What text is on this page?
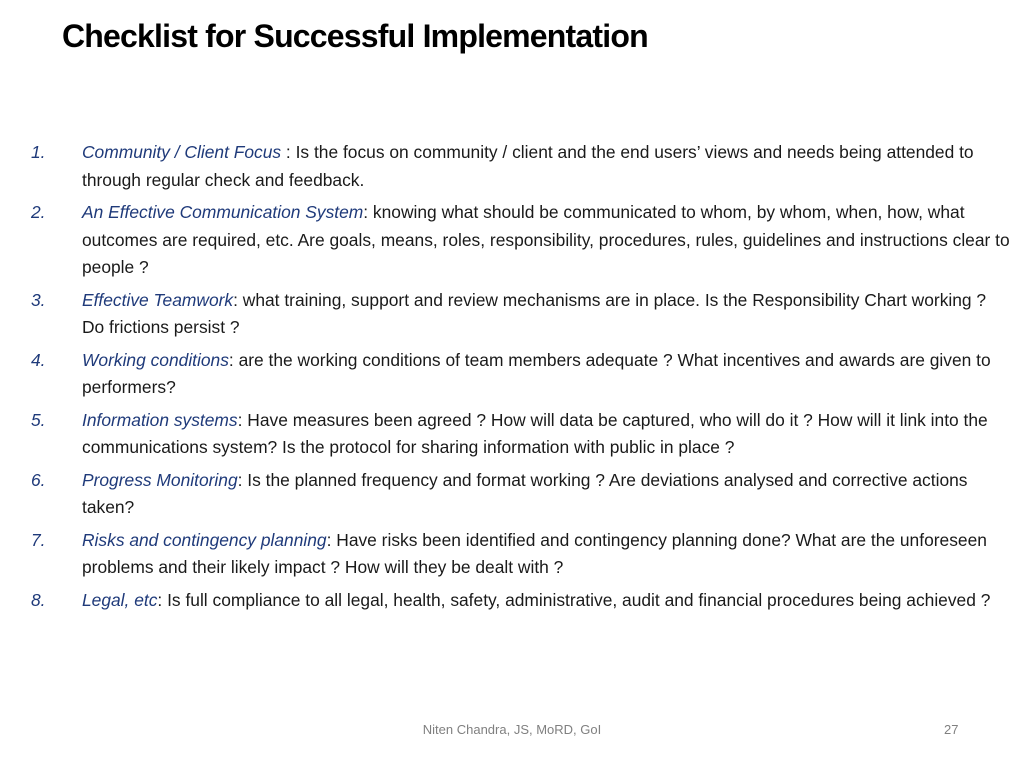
Checklist for Successful Implementation
1. Community / Client Focus : Is the focus on community / client and the end users’ views and needs being attended to through regular check and feedback.
2. An Effective Communication System: knowing what should be communicated to whom, by whom, when, how, what outcomes are required, etc. Are goals, means, roles, responsibility, procedures, rules, guidelines and instructions clear to people ?
3. Effective Teamwork: what training, support and review mechanisms are in place. Is the Responsibility Chart working ? Do frictions persist ?
4. Working conditions: are the working conditions of team members adequate ? What incentives and awards are given to performers?
5. Information systems: Have measures been agreed ? How will data be captured, who will do it ? How will it link into the communications system? Is the protocol for sharing information with public in place ?
6. Progress Monitoring: Is the planned frequency and format working ? Are deviations analysed and corrective actions taken?
7. Risks and contingency planning: Have risks been identified and contingency planning done? What are the unforeseen problems and their likely impact ? How will they be dealt with ?
8. Legal, etc: Is full compliance to all legal, health, safety, administrative, audit and financial procedures being achieved ?
Niten Chandra, JS, MoRD, GoI	27
